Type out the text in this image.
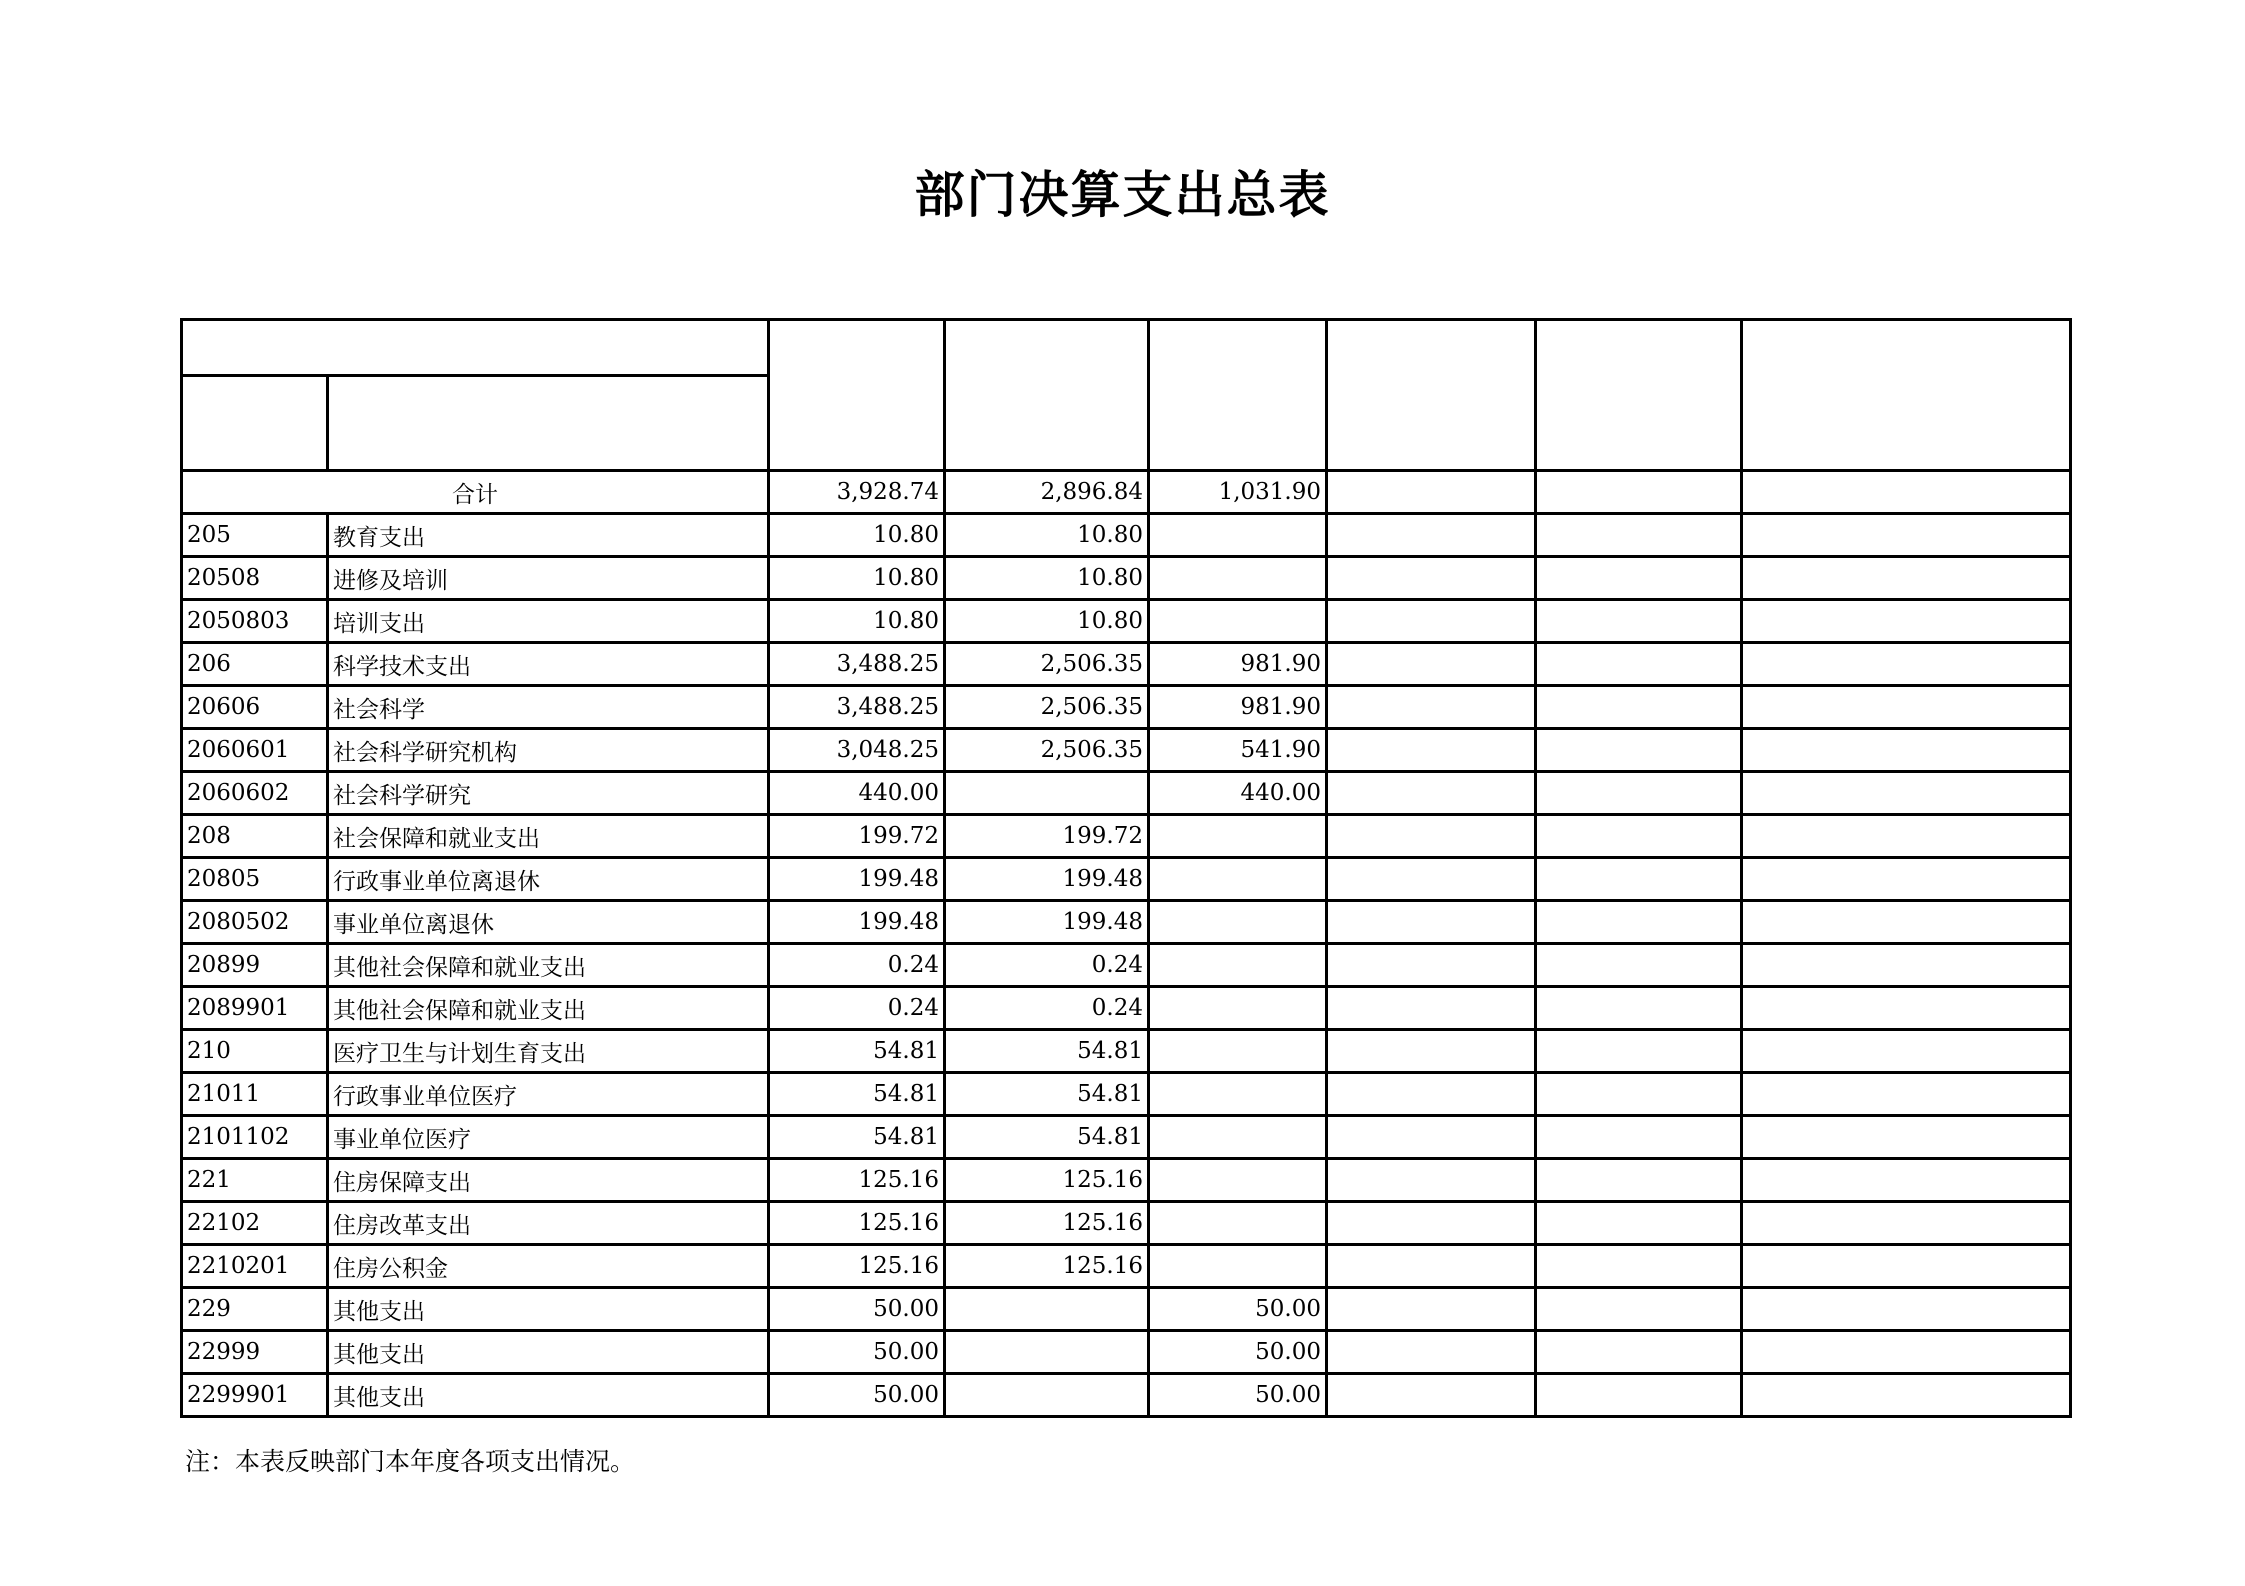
部门决算支出总表

合计		3,928.74	2,896.84	1,031.90			
205	教育支出	10.80	10.80				
20508	进修及培训	10.80	10.80				
2050803	培训支出	10.80	10.80				
206	科学技术支出	3,488.25	2,506.35	981.90			
20606	社会科学	3,488.25	2,506.35	981.90			
2060601	社会科学研究机构	3,048.25	2,506.35	541.90			
2060602	社会科学研究	440.00		440.00			
208	社会保障和就业支出	199.72	199.72				
20805	行政事业单位离退休	199.48	199.48				
2080502	事业单位离退休	199.48	199.48				
20899	其他社会保障和就业支出	0.24	0.24				
2089901	其他社会保障和就业支出	0.24	0.24				
210	医疗卫生与计划生育支出	54.81	54.81				
21011	行政事业单位医疗	54.81	54.81				
2101102	事业单位医疗	54.81	54.81				
221	住房保障支出	125.16	125.16				
22102	住房改革支出	125.16	125.16				
2210201	住房公积金	125.16	125.16				
229	其他支出	50.00		50.00			
22999	其他支出	50.00		50.00			
2299901	其他支出	50.00		50.00			
注：本表反映部门本年度各项支出情况。
